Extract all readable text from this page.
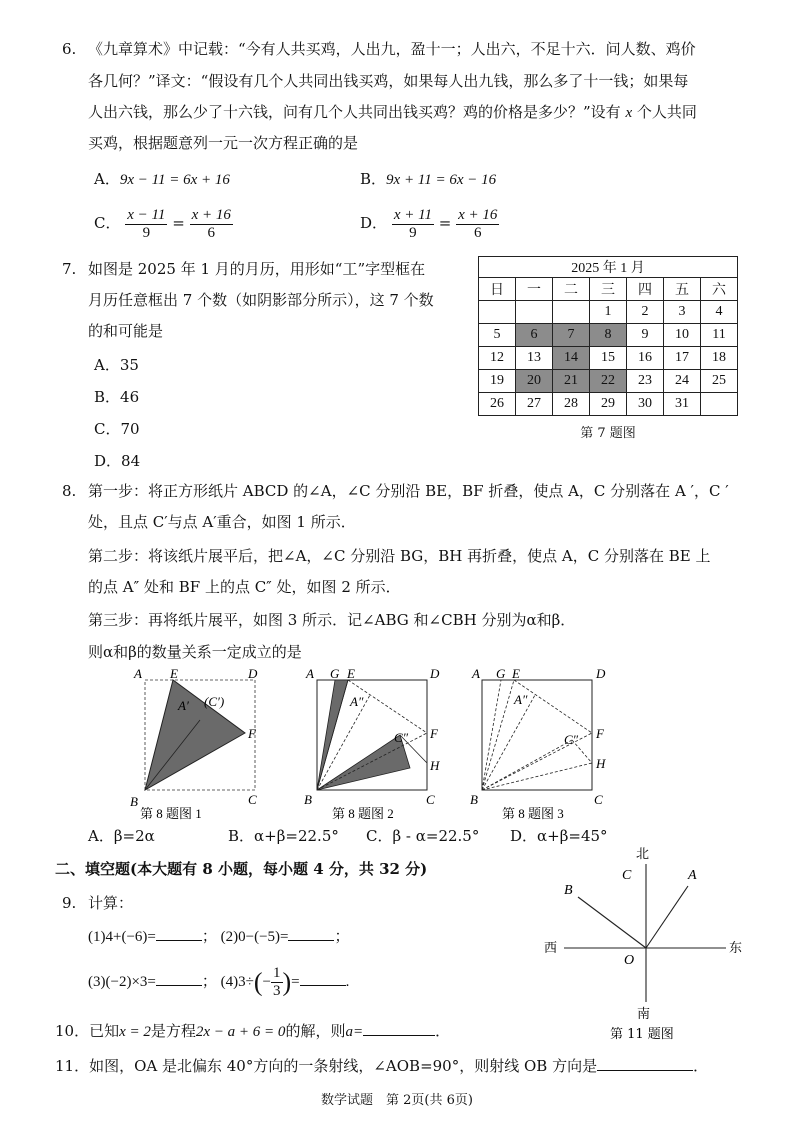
6. 《九章算术》中记载：“今有人共买鸡，人出九，盈十一；人出六，不足十六．问人数、鸡价
各几何？”译文：“假设有几个人共同出钱买鸡，如果每人出九钱，那么多了十一钱；如果每
人出六钱，那么少了十六钱，问有几个人共同出钱买鸡？鸡的价格是多少？”设有 x 个人共同
买鸡，根据题意列一元一次方程正确的是
A．9x − 11 = 6x + 16	B．9x + 11 = 6x − 16
C． $\frac{x - 11}{9} = \frac{x + 16}{6}$	D． $\frac{x + 11}{9} = \frac{x + 16}{6}$
7. 如图是 2025 年 1 月的月历，用形如“工”字型框在
月历任意框出 7 个数（如阴影部分所示），这 7 个数
的和可能是
A．35
B．46
C．70
D．84
2025 年 1 月						
日	一	二	三	四	五	六
			1	2	3	4
5	6	7	8	9	10	11
12	13	14	15	16	17	18
19	20	21	22	23	24	25
26	27	28	29	30	31	
第 7 题图
8. 第一步：将正方形纸片 ABCD 的∠A，∠C 分别沿 BE，BF 折叠，使点 A，C 分别落在 A ′，C ′
处，且点 C′与点 A′重合，如图 1 所示．
第二步：将该纸片展平后，把∠A，∠C 分别沿 BG，BH 再折叠，使点 A，C 分别落在 BE 上
的点 A″ 处和 BF 上的点 C″ 处，如图 2 所示．
第三步：再将纸片展平，如图 3 所示．记∠ABG 和∠CBH 分别为α和β．
则α和β的数量关系一定成立的是
A E	D
F
B	C
A′ (C′)
第 8 题图 1
A G E	D
A″
C″ F
H
B	C
第 8 题图 2
A G E	D
A″
C″ F
H
B	C
第 8 题图 3
A．β=2α	B．α+β=22.5° C．β - α=22.5° D．α+β=45°
二、填空题(本大题有 8 小题，每小题 4 分，共 32 分)
9. 计算：
(1)4+(−6)=	； (2)0−(−5)=	；
(3)(−2)×3=	； $(4)3\div(- \frac{1}{3}$ )=	.
北
南
西	东
A
B
C
O
第 11 题图
10．已知x = 2是方程2x − a + 6 = 0的解，则a=	．
11．如图，OA 是北偏东 40°方向的一条射线，∠AOB=90°，则射线 OB 方向是	．
数学试题　第 2页(共 6页)
